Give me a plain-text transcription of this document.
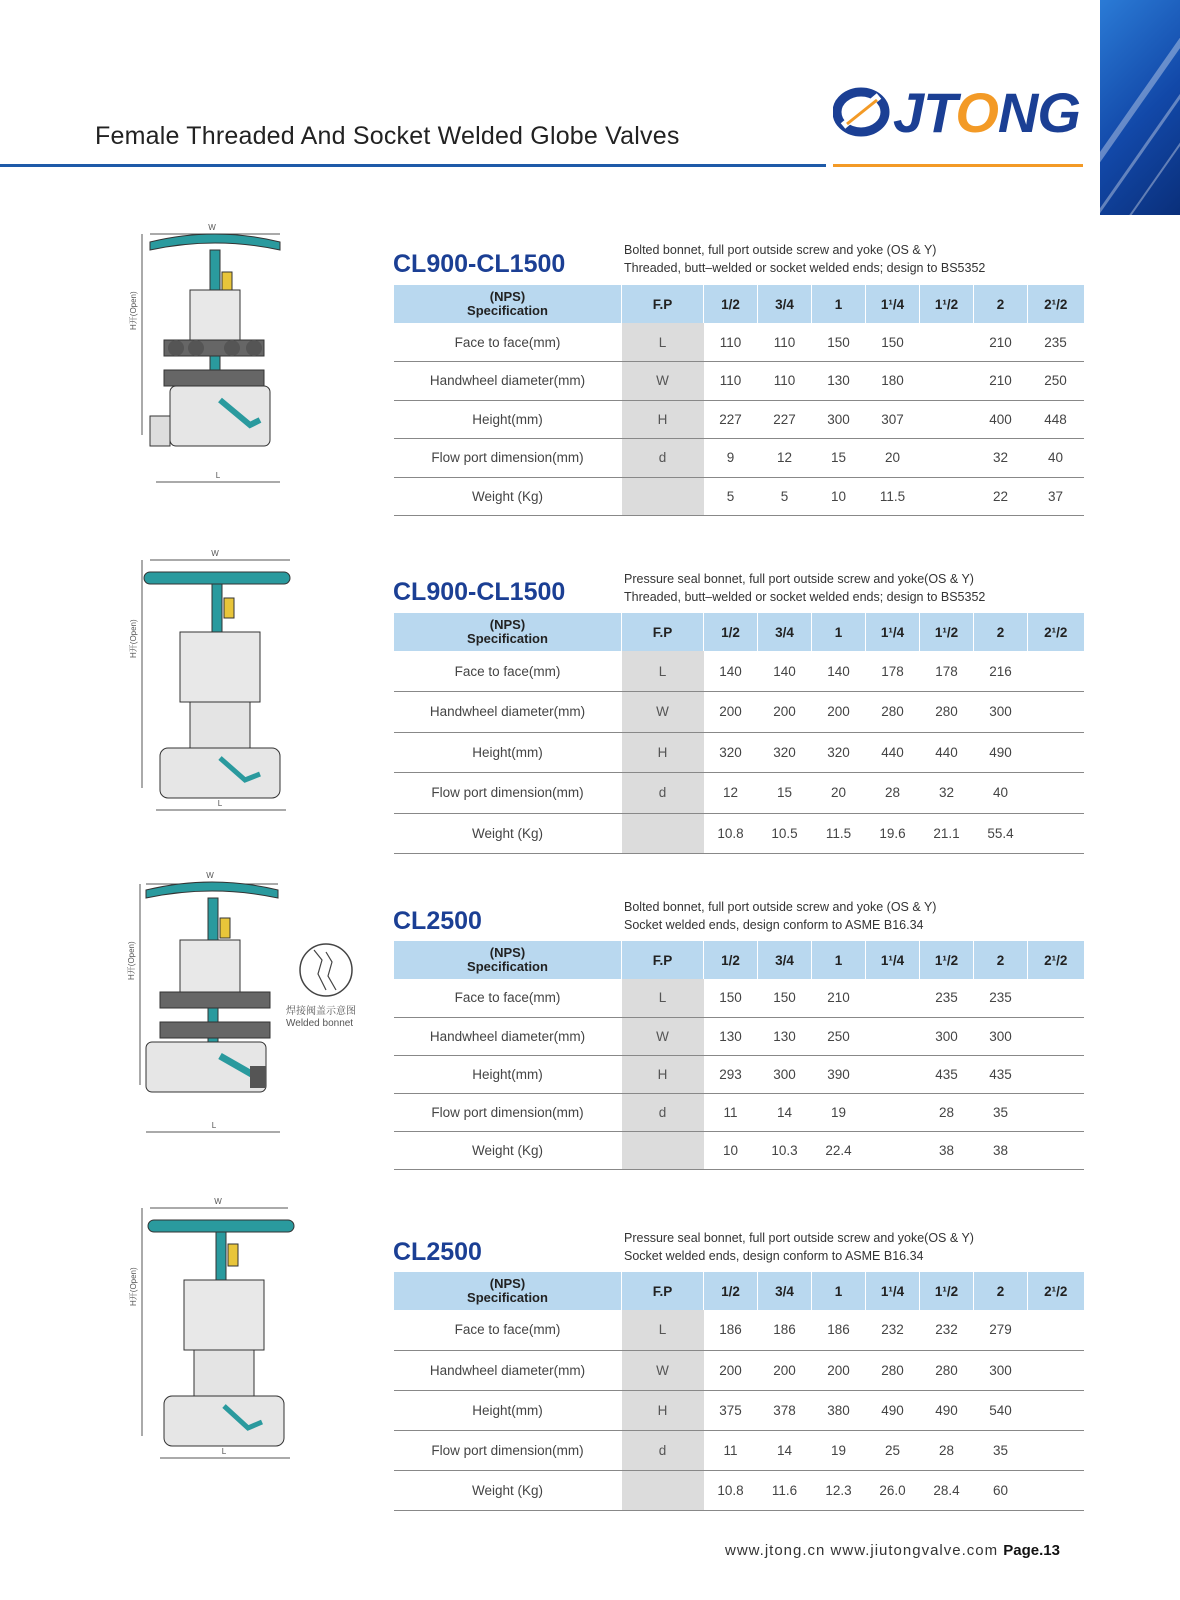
Female Threaded And Socket Welded Globe Valves	JTONG
CL900-CL1500	Bolted bonnet, full port outside screw and yoke (OS & Y)
Threaded, butt–welded or socket welded ends; design to BS5352
(NPS)
Specification	F.P	1/2	3/4	1	1¹/4	1¹/2	2	2¹/2
Face to face(mm)	L	110	110	150	150		210	235
Handwheel diameter(mm)	W	110	110	130	180		210	250
Height(mm)	H	227	227	300	307		400	448
Flow port dimension(mm)	d	9	12	15	20		32	40
Weight (Kg)		5	5	10	11.5		22	37
CL900-CL1500	Pressure seal bonnet, full port outside screw and yoke(OS & Y)
Threaded, butt–welded or socket welded ends; design to BS5352
(NPS)
Specification	F.P	1/2	3/4	1	1¹/4	1¹/2	2	2¹/2
Face to face(mm)	L	140	140	140	178	178	216	
Handwheel diameter(mm)	W	200	200	200	280	280	300	
Height(mm)	H	320	320	320	440	440	490	
Flow port dimension(mm)	d	12	15	20	28	32	40	
Weight (Kg)		10.8	10.5	11.5	19.6	21.1	55.4	
CL2500	Bolted bonnet, full port outside screw and yoke (OS & Y)
Socket welded ends, design conform to ASME B16.34
(NPS)
Specification	F.P	1/2	3/4	1	1¹/4	1¹/2	2	2¹/2
Face to face(mm)	L	150	150	210		235	235	
Handwheel diameter(mm)	W	130	130	250		300	300	
Height(mm)	H	293	300	390		435	435	
Flow port dimension(mm)	d	11	14	19		28	35	
Weight (Kg)		10	10.3	22.4		38	38	
CL2500	Pressure seal bonnet, full port outside screw and yoke(OS & Y)
Socket welded ends, design conform to ASME B16.34
(NPS)
Specification	F.P	1/2	3/4	1	1¹/4	1¹/2	2	2¹/2
Face to face(mm)	L	186	186	186	232	232	279	
Handwheel diameter(mm)	W	200	200	200	280	280	300	
Height(mm)	H	375	378	380	490	490	540	
Flow port dimension(mm)	d	11	14	19	25	28	35	
Weight (Kg)		10.8	11.6	12.3	26.0	28.4	60	
W
H开(Open)
L
W
H开(Open)
L
W
H开(Open)
L
焊接阀盖示意图
Welded bonnet
W
H开(Open)
L
www.jtong.cn www.jiutongvalve.com Page.13
